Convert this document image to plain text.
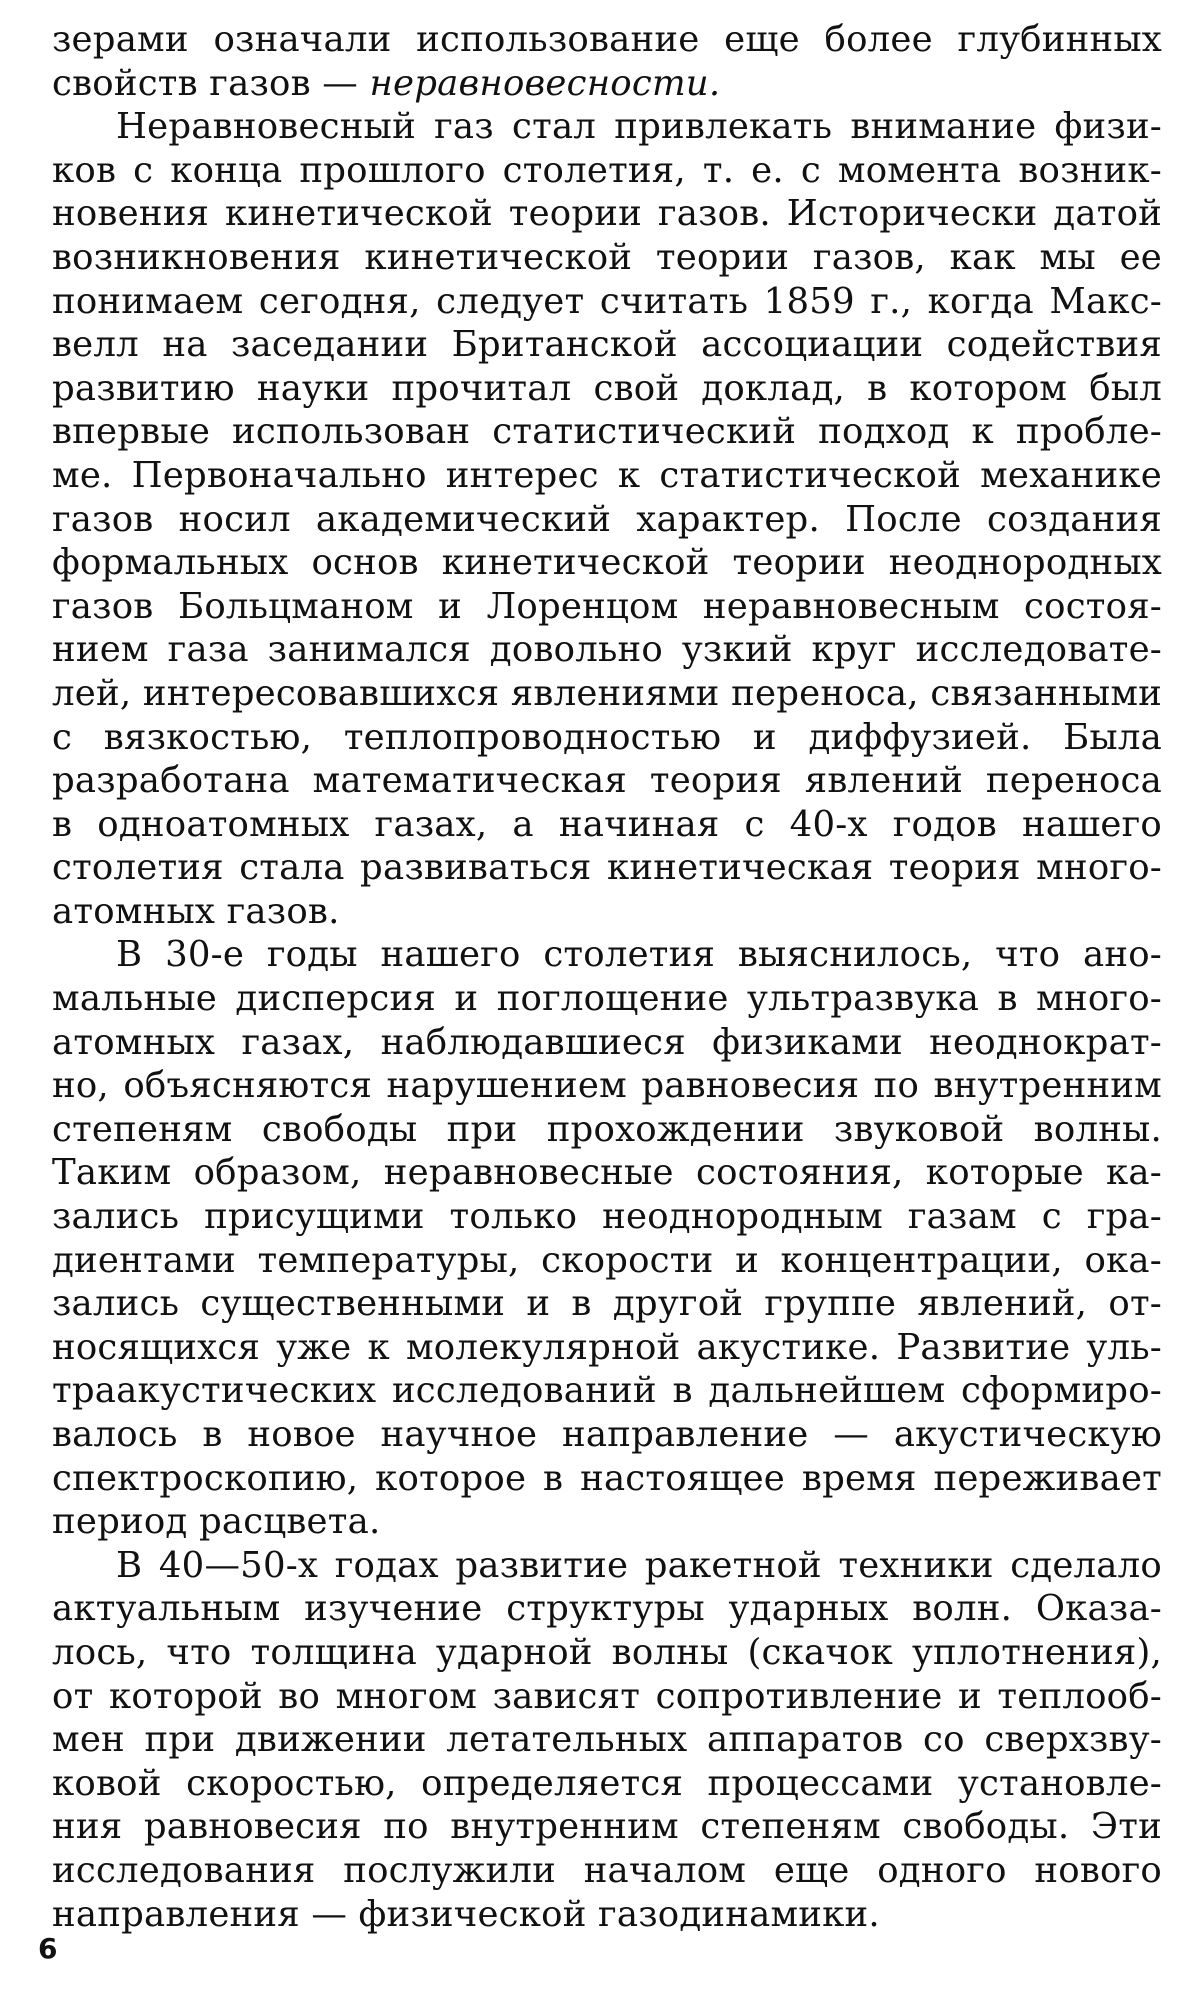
зерами означали использование еще более глубинных
свойств газов — неравновесности.
Неравновесный газ стал привлекать внимание физи-
ков с конца прошлого столетия, т. е. с момента возник-
новения кинетической теории газов. Исторически датой
возникновения кинетической теории газов, как мы ее
понимаем сегодня, следует считать 1859 г., когда Макс-
велл на заседании Британской ассоциации содействия
развитию науки прочитал свой доклад, в котором был
впервые использован статистический подход к пробле-
ме. Первоначально интерес к статистической механике
газов носил академический характер. После создания
формальных основ кинетической теории неоднородных
газов Больцманом и Лоренцом неравновесным состоя-
нием газа занимался довольно узкий круг исследовате-
лей, интересовавшихся явлениями переноса, связанными
с вязкостью, теплопроводностью и диффузией. Была
разработана математическая теория явлений переноса
в одноатомных газах, а начиная с 40-х годов нашего
столетия стала развиваться кинетическая теория много-
атомных газов.
В 30-е годы нашего столетия выяснилось, что ано-
мальные дисперсия и поглощение ультразвука в много-
атомных газах, наблюдавшиеся физиками неоднократ-
но, объясняются нарушением равновесия по внутренним
степеням свободы при прохождении звуковой волны.
Таким образом, неравновесные состояния, которые ка-
зались присущими только неоднородным газам с гра-
диентами температуры, скорости и концентрации, ока-
зались существенными и в другой группе явлений, от-
носящихся уже к молекулярной акустике. Развитие уль-
траакустических исследований в дальнейшем сформиро-
валось в новое научное направление — акустическую
спектроскопию, которое в настоящее время переживает
период расцвета.
В 40—50-х годах развитие ракетной техники сделало
актуальным изучение структуры ударных волн. Оказа-
лось, что толщина ударной волны (скачок уплотнения),
от которой во многом зависят сопротивление и теплооб-
мен при движении летательных аппаратов со сверхзву-
ковой скоростью, определяется процессами установле-
ния равновесия по внутренним степеням свободы. Эти
исследования послужили началом еще одного нового
направления — физической газодинамики.
6
